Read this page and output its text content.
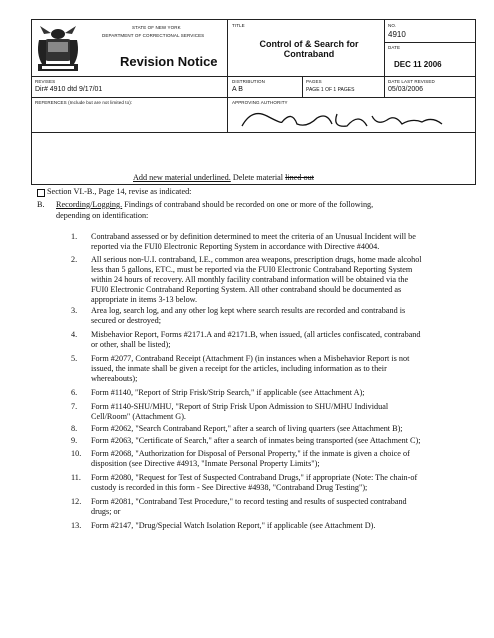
STATE OF NEW YORK
DEPARTMENT OF CORRECTIONAL SERVICES
Revision Notice
TITLE
Control of & Search for Contraband
NO.
4910
DATE
DEC 11 2006
REVISES
Dir# 4910 dtd 9/17/01
DISTRIBUTION
A B
PAGES
PAGE 1 OF 1 PAGES
DATE LAST REVISED
05/03/2006
REFERENCES (Include but are not limited to):	APPROVING AUTHORITY
Add new material underlined. Delete material lined out
Section VI.-B., Page 14, revise as indicated:
B. Recording/Logging. Findings of contraband should be recorded on one or more of the following,
depending on identification:
1. Contraband assessed or by definition determined to meet the criteria of an Unusual Incident will be
reported via the FUI0 Electronic Reporting System in accordance with Directive #4004.
2. All serious non-U.I. contraband, I.E., common area weapons, prescription drugs, home made alcohol
less than 5 gallons, ETC., must be reported via the FUI0 Electronic Contraband Reporting System
within 24 hours of recovery. All monthly facility contraband information will be obtained via the
FUI0 Electronic Contraband Reporting System. All other contraband should be documented as
appropriate in items 3-13 below.
3. Area log, search log, and any other log kept where search results are recorded and contraband is
secured or destroyed;
4. Misbehavior Report, Forms #2171.A and #2171.B, when issued, (all articles confiscated, contraband
or other, shall be listed);
5. Form #2077, Contraband Receipt (Attachment F) (in instances when a Misbehavior Report is not
issued, the inmate shall be given a receipt for the articles, including information as to their
whereabouts);
6. Form #1140, "Report of Strip Frisk/Strip Search," if applicable (see Attachment A);
7. Form #1140-SHU/MHU, "Report of Strip Frisk Upon Admission to SHU/MHU Individual
Cell/Room" (Attachment G).
8. Form #2062, "Search Contraband Report," after a search of living quarters (see Attachment B);
9. Form #2063, "Certificate of Search," after a search of inmates being transported (see Attachment C);
10. Form #2068, "Authorization for Disposal of Personal Property," if the inmate is given a choice of
disposition (see Directive #4913, "Inmate Personal Property Limits");
11. Form #2080, "Request for Test of Suspected Contraband Drugs," if appropriate (Note: The chain-of
custody is recorded in this form - See Directive #4938, "Contraband Drug Testing");
12. Form #2081, "Contraband Test Procedure," to record testing and results of suspected contraband
drugs; or
13. Form #2147, "Drug/Special Watch Isolation Report," if applicable (see Attachment D).
